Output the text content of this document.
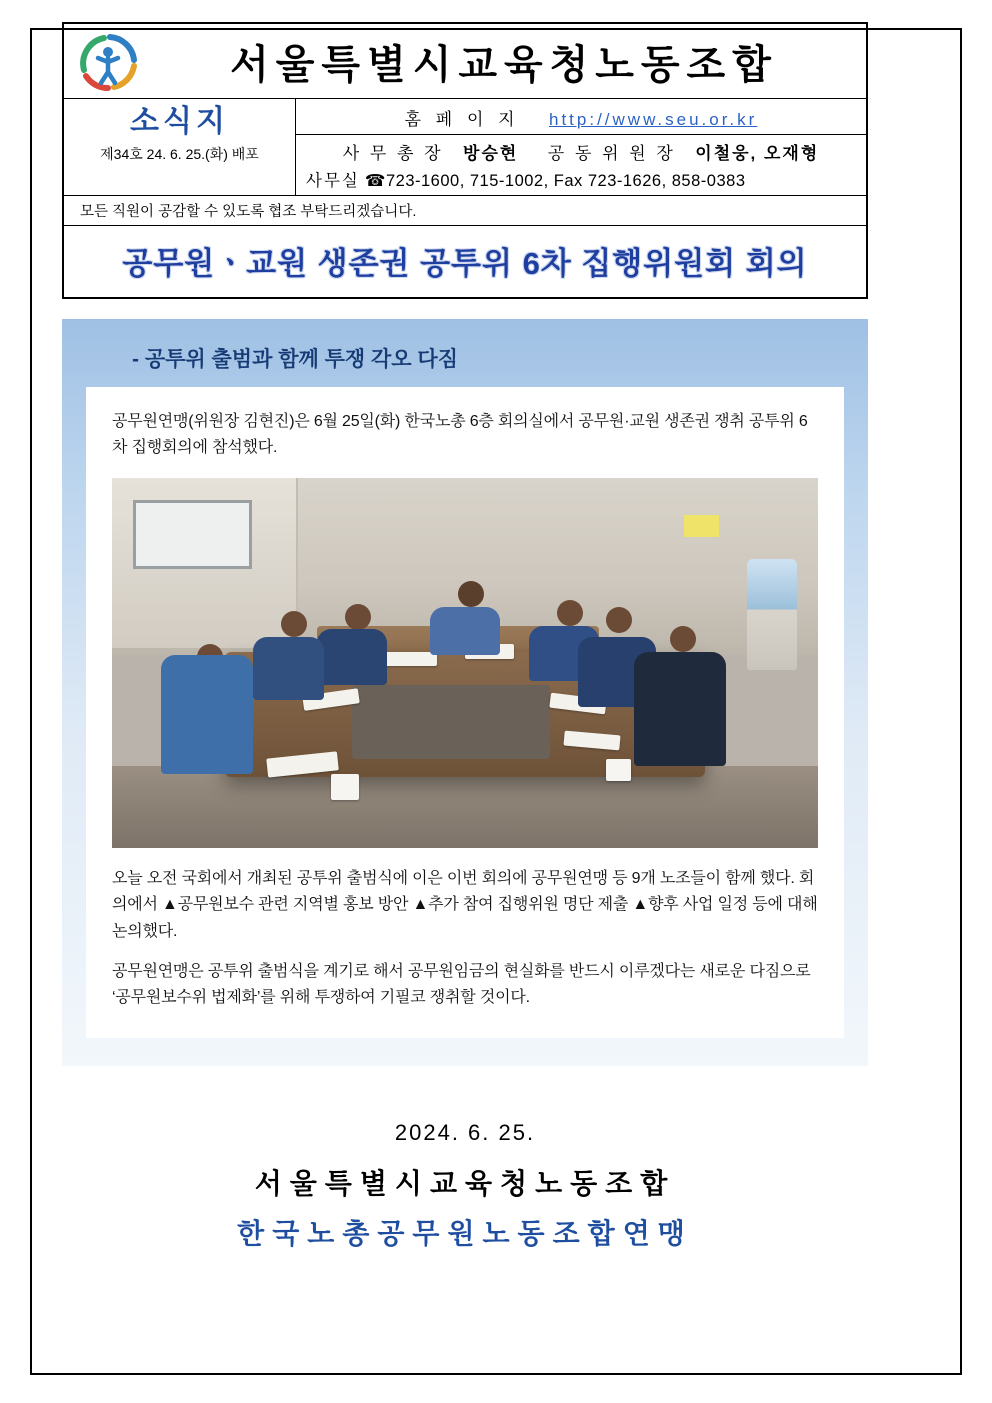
서울특별시교육청노동조합
소식지
제34호 24. 6. 25.(화) 배포
홈 페 이 지 http://www.seu.or.kr
사 무 총 장 방승현 공 동 위 원 장 이철웅, 오재형
사무실 ☎723-1600, 715-1002, Fax 723-1626, 858-0383
모든 직원이 공감할 수 있도록 협조 부탁드리겠습니다.
공무원ㆍ교원 생존권 공투위 6차 집행위원회 회의
- 공투위 출범과 함께 투쟁 각오 다짐
공무원연맹(위원장 김현진)은 6월 25일(화) 한국노총 6층 회의실에서 공무원·교원 생존권 쟁취 공투위 6차 집행회의에 참석했다.
오늘 오전 국회에서 개최된 공투위 출범식에 이은 이번 회의에 공무원연맹 등 9개 노조들이 함께 했다. 회의에서 ▲공무원보수 관련 지역별 홍보 방안 ▲추가 참여 집행위원 명단 제출 ▲향후 사업 일정 등에 대해 논의했다.
공무원연맹은 공투위 출범식을 계기로 해서 공무원임금의 현실화를 반드시 이루겠다는 새로운 다짐으로 ‘공무원보수위 법제화’를 위해 투쟁하여 기필코 쟁취할 것이다.
2024. 6. 25.
서울특별시교육청노동조합
한국노총공무원노동조합연맹
